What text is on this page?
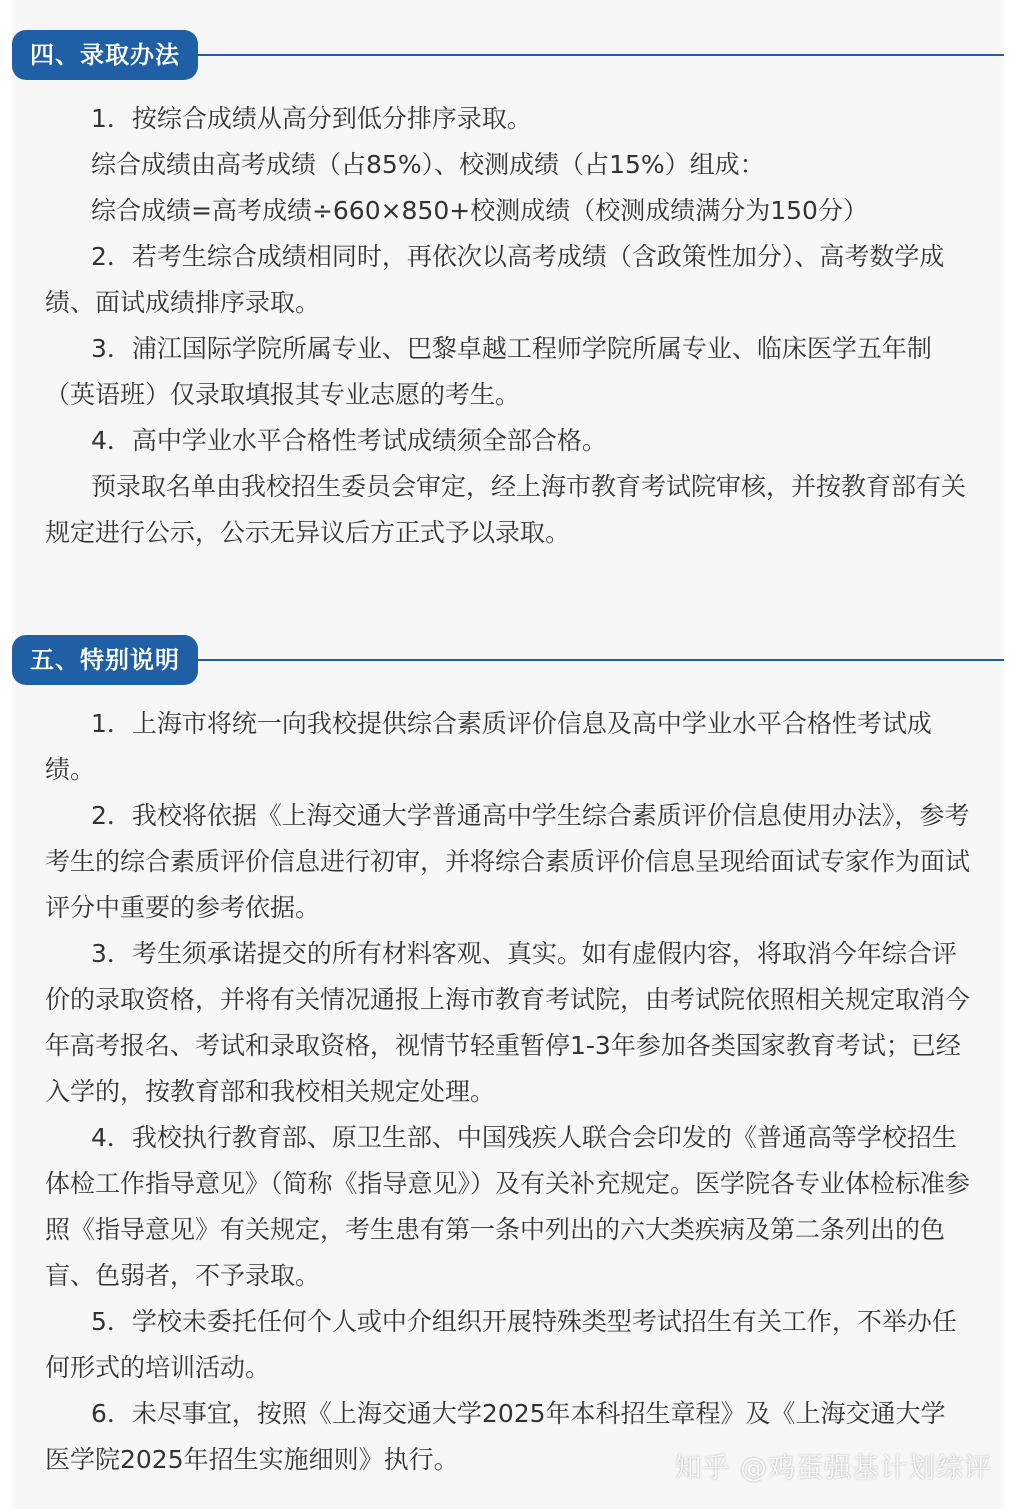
四、录取办法

1．按综合成绩从高分到低分排序录取。

综合成绩由高考成绩（占85%）、校测成绩（占15%）组成：

综合成绩=高考成绩÷660×850+校测成绩（校测成绩满分为150分）

2．若考生综合成绩相同时，再依次以高考成绩（含政策性加分）、高考数学成绩、面试成绩排序录取。

3．浦江国际学院所属专业、巴黎卓越工程师学院所属专业、临床医学五年制（英语班）仅录取填报其专业志愿的考生。

4．高中学业水平合格性考试成绩须全部合格。

预录取名单由我校招生委员会审定，经上海市教育考试院审核，并按教育部有关规定进行公示，公示无异议后方正式予以录取。

五、特别说明

1．上海市将统一向我校提供综合素质评价信息及高中学业水平合格性考试成绩。

2．我校将依据《上海交通大学普通高中学生综合素质评价信息使用办法》，参考考生的综合素质评价信息进行初审，并将综合素质评价信息呈现给面试专家作为面试评分中重要的参考依据。

3．考生须承诺提交的所有材料客观、真实。如有虚假内容，将取消今年综合评价的录取资格，并将有关情况通报上海市教育考试院，由考试院依照相关规定取消今年高考报名、考试和录取资格，视情节轻重暂停1-3年参加各类国家教育考试；已经入学的，按教育部和我校相关规定处理。

4．我校执行教育部、原卫生部、中国残疾人联合会印发的《普通高等学校招生体检工作指导意见》（简称《指导意见》）及有关补充规定。医学院各专业体检标准参照《指导意见》有关规定，考生患有第一条中列出的六大类疾病及第二条列出的色盲、色弱者，不予录取。

5．学校未委托任何个人或中介组织开展特殊类型考试招生有关工作，不举办任何形式的培训活动。

6．未尽事宜，按照《上海交通大学2025年本科招生章程》及《上海交通大学医学院2025年招生实施细则》执行。	知乎 @鸡蛋强基计划综评
